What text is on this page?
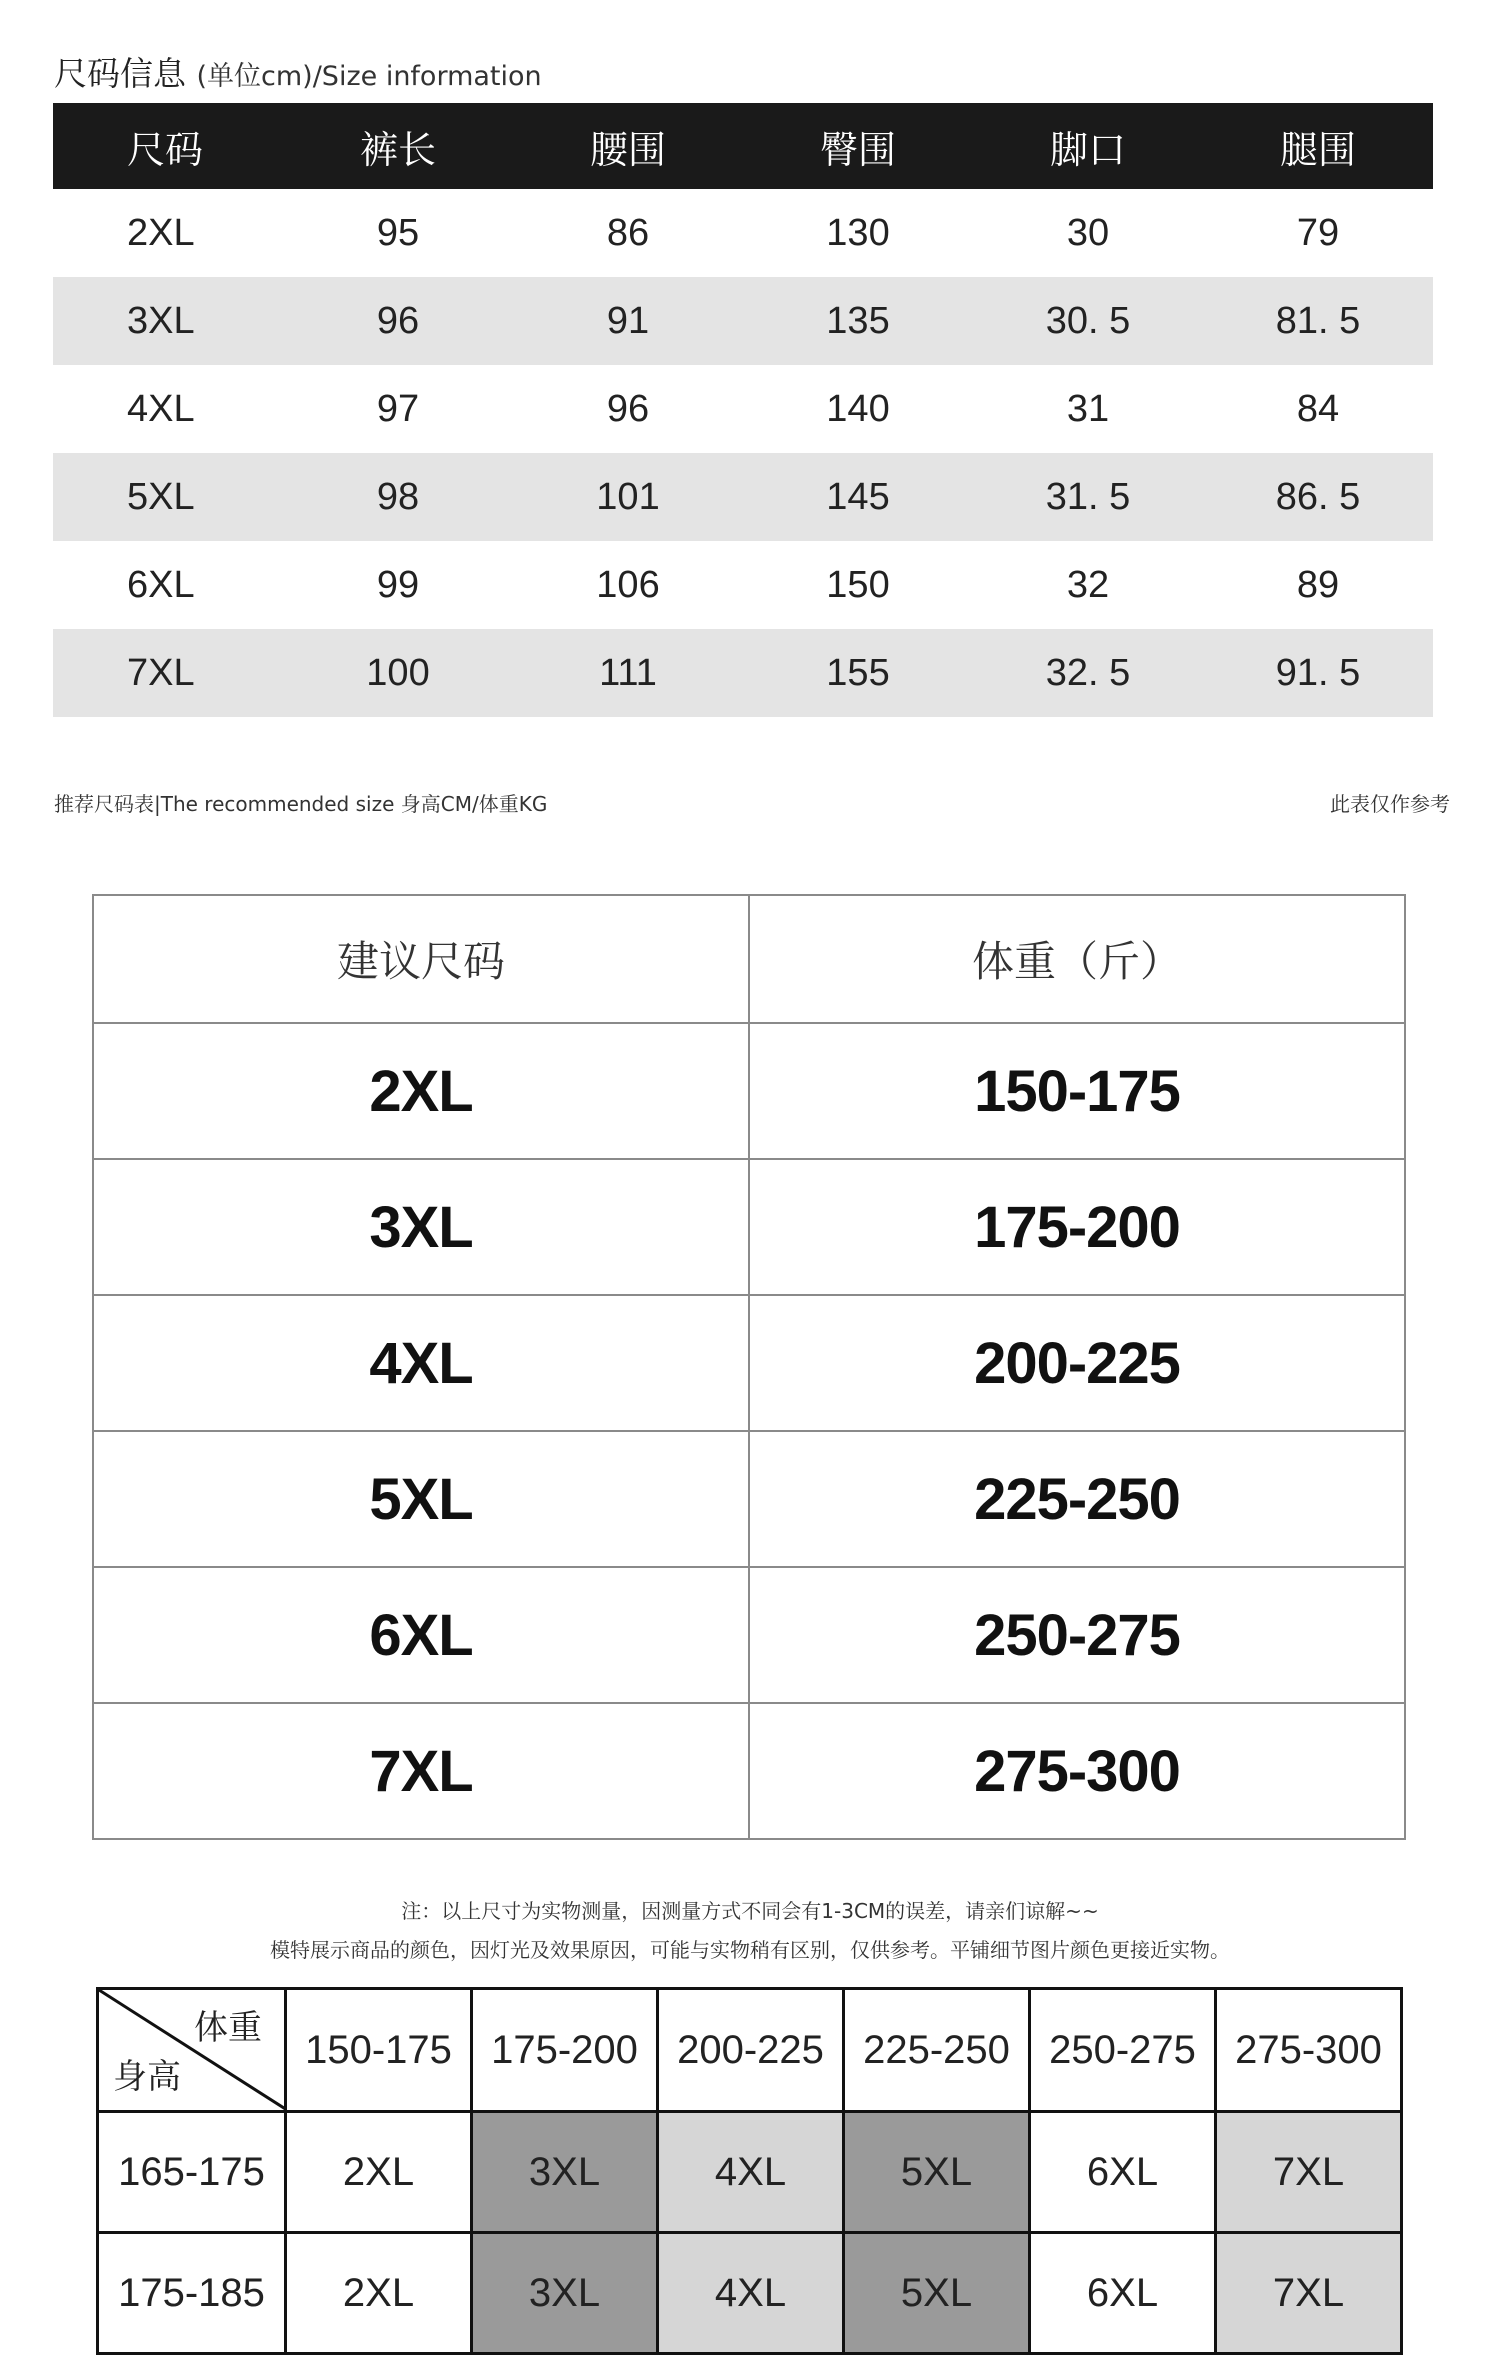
尺码信息 (单位cm)/Size information
尺码	裤长	腰围	臀围	脚口	腿围
2XL	95	86	130	30	79
3XL	96	91	135	30. 5	81. 5
4XL	97	96	140	31	84
5XL	98	101	145	31. 5	86. 5
6XL	99	106	150	32	89
7XL	100	111	155	32. 5	91. 5
推荐尺码表|The recommended size 身高CM/体重KG	此表仅作参考
建议尺码	体重（斤）
2XL	150-175
3XL	175-200
4XL	200-225
5XL	225-250
6XL	250-275
7XL	275-300
注：以上尺寸为实物测量，因测量方式不同会有1-3CM的误差，请亲们谅解~~
模特展示商品的颜色，因灯光及效果原因，可能与实物稍有区别，仅供参考。平铺细节图片颜色更接近实物。
体重
身高	150-175	175-200	200-225	225-250	250-275	275-300
165-175	2XL	3XL	4XL	5XL	6XL	7XL
175-185	2XL	3XL	4XL	5XL	6XL	7XL
